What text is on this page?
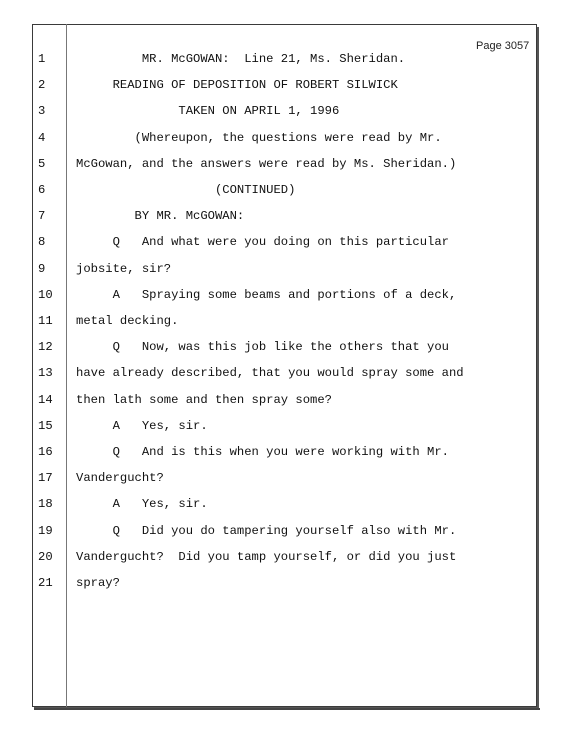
Page 3057
1	MR. McGOWAN:  Line 21, Ms. Sheridan.
2	READING OF DEPOSITION OF ROBERT SILWICK
3	TAKEN ON APRIL 1, 1996
4	(Whereupon, the questions were read by Mr.
5	McGowan, and the answers were read by Ms. Sheridan.)
6	(CONTINUED)
7	BY MR. McGOWAN:
8	Q   And what were you doing on this particular
9	jobsite, sir?
10	A   Spraying some beams and portions of a deck,
11	metal decking.
12	Q   Now, was this job like the others that you
13	have already described, that you would spray some and
14	then lath some and then spray some?
15	A   Yes, sir.
16	Q   And is this when you were working with Mr.
17	Vandergucht?
18	A   Yes, sir.
19	Q   Did you do tampering yourself also with Mr.
20	Vandergucht?  Did you tamp yourself, or did you just
21	spray?
